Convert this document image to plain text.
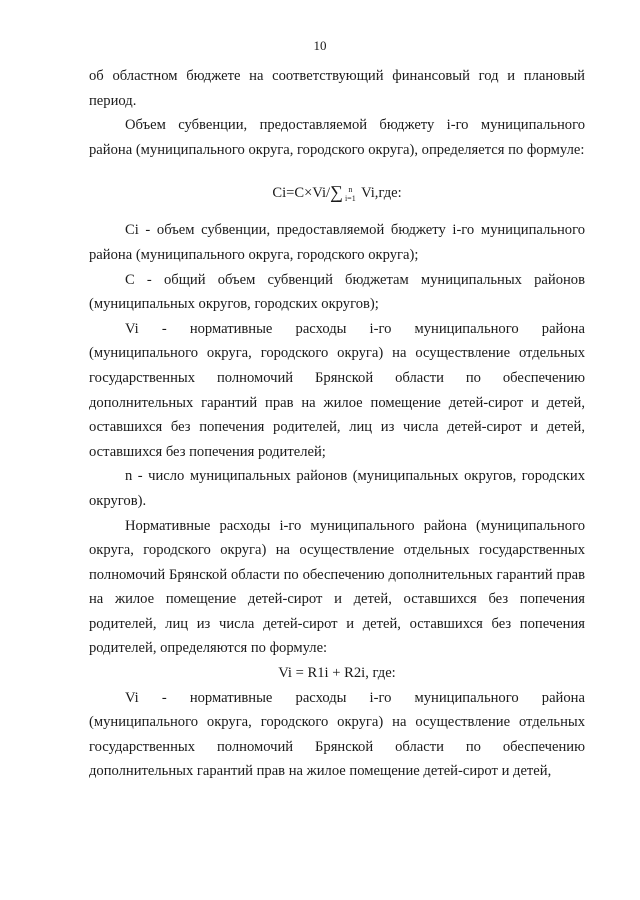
10

об областном бюджете на соответствующий финансовый год и плановый период.

Объем субвенции, предоставляемой бюджету i-го муниципального района (муниципального округа, городского округа), определяется по формуле:

Ci=C×Vi/∑ n
i=1 Vi,где:

Ci - объем субвенции, предоставляемой бюджету i-го муниципального района (муниципального округа, городского округа);

С - общий объем субвенций бюджетам муниципальных районов (муниципальных округов, городских округов);

Vi - нормативные расходы i-го муниципального района

(муниципального округа, городского округа) на осуществление отдельных государственных полномочий Брянской области по обеспечению дополнительных гарантий прав на жилое помещение детей-сирот и детей, оставшихся без попечения родителей, лиц из числа детей-сирот и детей, оставшихся без попечения родителей;

n - число муниципальных районов (муниципальных округов, городских округов).

Нормативные расходы i-го муниципального района (муниципального округа, городского округа) на осуществление отдельных государственных полномочий Брянской области по обеспечению дополнительных гарантий прав на жилое помещение детей-сирот и детей, оставшихся без попечения родителей, лиц из числа детей-сирот и детей, оставшихся без попечения родителей, определяются по формуле:

Vi = R1i + R2i, где:

Vi - нормативные расходы i-го муниципального района

(муниципального округа, городского округа) на осуществление отдельных государственных полномочий Брянской области по обеспечению дополнительных гарантий прав на жилое помещение детей-сирот и детей,
